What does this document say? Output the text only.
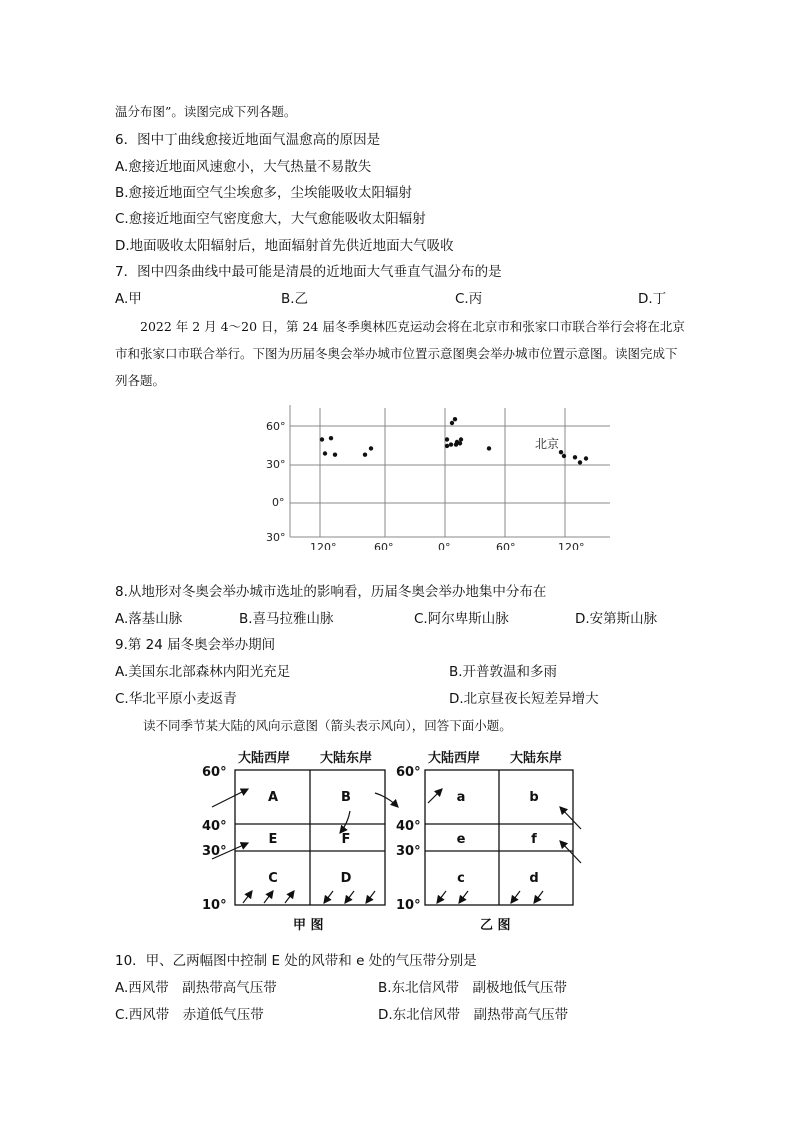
温分布图”。读图完成下列各题。
6．图中丁曲线愈接近地面气温愈高的原因是
A.愈接近地面风速愈小，大气热量不易散失
B.愈接近地面空气尘埃愈多，尘埃能吸收太阳辐射
C.愈接近地面空气密度愈大，大气愈能吸收太阳辐射
D.地面吸收太阳辐射后，地面辐射首先供近地面大气吸收
7．图中四条曲线中最可能是清晨的近地面大气垂直气温分布的是
A.甲	B.乙	C.丙	D.丁
2022 年 2 月 4～20 日，第 24 届冬季奥林匹克运动会将在北京市和张家口市联合举行会将在北京市和张家口市联合举行。下图为历届冬奥会举办城市位置示意图奥会举办城市位置示意图。读图完成下列各题。
60°
30°
0°
30°
120°	60°	0°	60°	120°
北京
8.从地形对冬奥会举办城市选址的影响看，历届冬奥会举办地集中分布在
A.落基山脉	B.喜马拉雅山脉	C.阿尔卑斯山脉	D.安第斯山脉
9.第 24 届冬奥会举办期间
A.美国东北部森林内阳光充足	B.开普敦温和多雨
C.华北平原小麦返青	D.北京昼夜长短差异增大
读不同季节某大陆的风向示意图（箭头表示风向），回答下面小题。
大陆西岸 大陆东岸	大陆西岸 大陆东岸
60°
40°
30°
10°
60°
40°
30°
10°
A	B
E	F
C	D
a	b
e	f
c	d
甲 图	乙 图
10．甲、乙两幅图中控制 E 处的风带和 e 处的气压带分别是
A.西风带　副热带高气压带	B.东北信风带　副极地低气压带
C.西风带　赤道低气压带	D.东北信风带　副热带高气压带
